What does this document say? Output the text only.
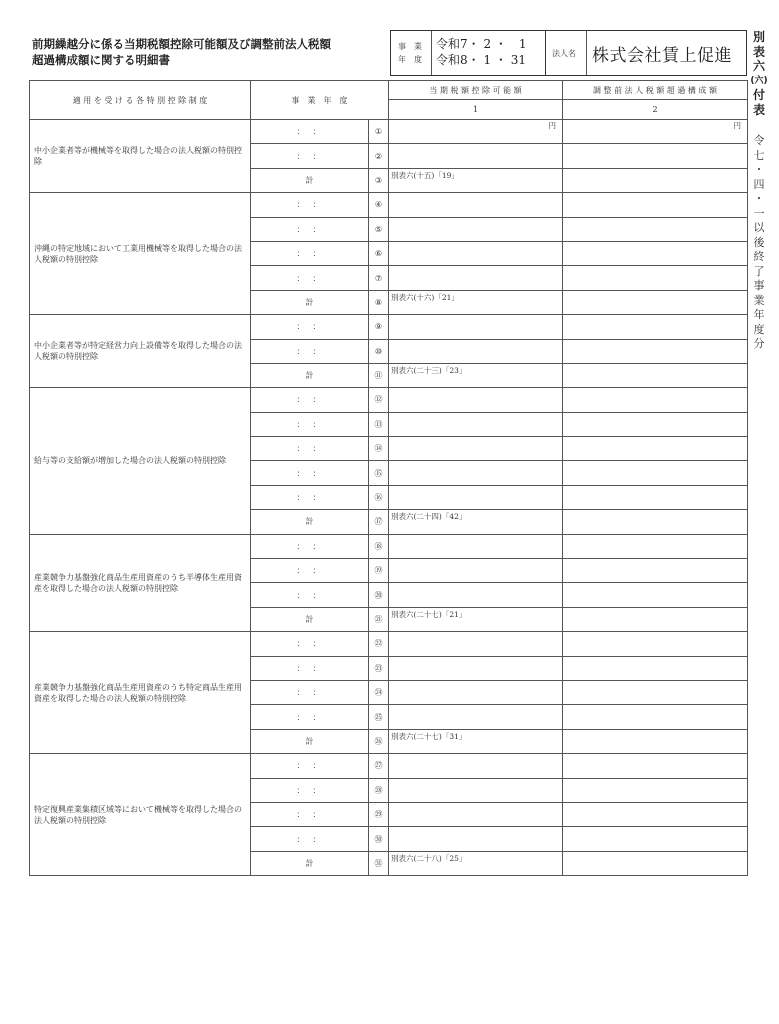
前期繰越分に係る当期税額控除可能額及び調整前法人税額
超過構成額に関する明細書
事　業
年　度
令和7・ 2 ・　1
令和8・ 1 ・ 31	法人名 株式会社賃上促進
別
表
六
(六)
付
表
令
七
・
四
・
一
以
後
終
了
事
業
年
度
分
適 用 を 受 け る 各 特 別 控 除 制 度	事　業　年　度		当 期 税 額 控 除 可 能 額	調 整 前 法 人 税 額 超 過 構 成 額
			1	2
中小企業者等が機械等を取得した場合の法人税額の特別控除	：　：	①	円	円

	：　：	②		
	計	③	別表六(十五)「19」	

沖縄の特定地域において工業用機械等を取得した場合の法人税額の特別控除	：　：	④		
	：　：	⑤		
	：　：	⑥		
	：　：	⑦		
	計	⑧	別表六(十六)「21」	

中小企業者等が特定経営力向上設備等を取得した場合の法人税額の特別控除	：　：	⑨		
	：　：	⑩		
	計	⑪	別表六(二十三)「23」	

給与等の支給額が増加した場合の法人税額の特別控除	：　：	⑫		
	：　：	⑬		
	：　：	⑭		
	：　：	⑮		
	：　：	⑯		
	計	⑰	別表六(二十四)「42」	

産業競争力基盤強化商品生産用資産のうち半導体生産用資産を取得した場合の法人税額の特別控除	：　：	⑱		
	：　：	⑲		
	：　：	⑳		
	計	㉑	別表六(二十七)「21」	

産業競争力基盤強化商品生産用資産のうち特定商品生産用資産を取得した場合の法人税額の特別控除	：　：	㉒		
	：　：	㉓		
	：　：	㉔		
	：　：	㉕		
	計	㉖	別表六(二十七)「31」	

特定復興産業集積区域等において機械等を取得した場合の法人税額の特別控除	：　：	㉗		
	：　：	㉘		
	：　：	㉙		
	：　：	㉚		
	計	㉛	別表六(二十八)「25」	
